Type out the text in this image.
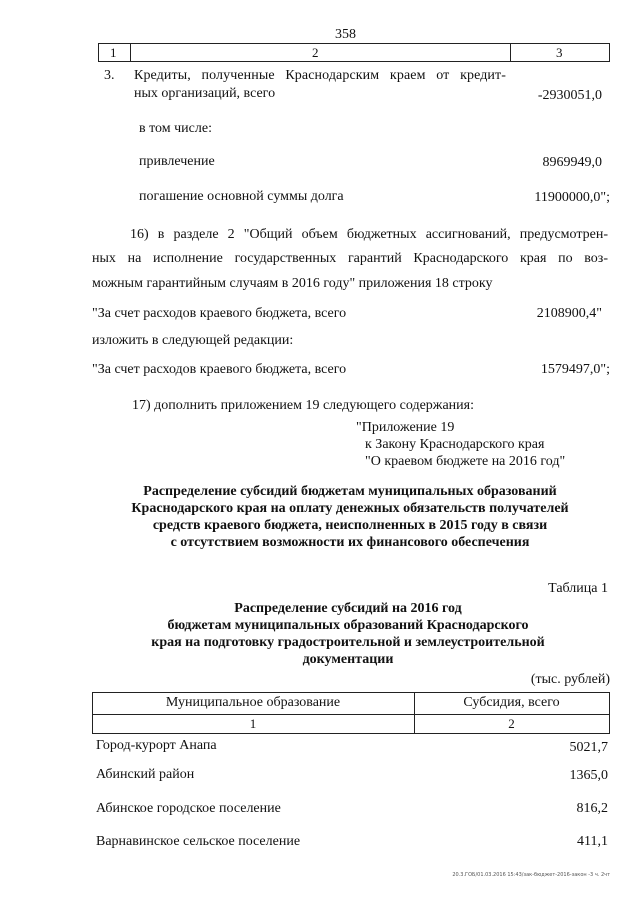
358
1	2	3
3. Кредиты, полученные Краснодарским краем от кредит-
ных организаций, всего	-2930051,0
в том числе:
привлечение	8969949,0
погашение основной суммы долга	11900000,0";
16) в разделе 2 "Общий объем бюджетных ассигнований, предусмотрен-
ных на исполнение государственных гарантий Краснодарского края по воз-
можным гарантийным случаям в 2016 году" приложения 18 строку
"За счет расходов краевого бюджета, всего	2108900,4"
изложить в следующей редакции:
"За счет расходов краевого бюджета, всего	1579497,0";
17) дополнить приложением 19 следующего содержания:
"Приложение 19
к Закону Краснодарского края
"О краевом бюджете на 2016 год"
Распределение субсидий бюджетам муниципальных образований
Краснодарского края на оплату денежных обязательств получателей
средств краевого бюджета, неисполненных в 2015 году в связи
с отсутствием возможности их финансового обеспечения
Таблица 1
Распределение субсидий на 2016 год
бюджетам муниципальных образований Краснодарского
края на подготовку градостроительной и землеустроительной
документации
(тыс. рублей)
Муниципальное образование	Субсидия, всего
1	2
Город-курорт Анапа	5021,7
Абинский район	1365,0
Абинское городское поселение	816,2
Варнавинское сельское поселение	411,1
20.3.ГОБ/01.03.2016 15:43/зак-бюджет-2016-закон -3 ч. 2чт
